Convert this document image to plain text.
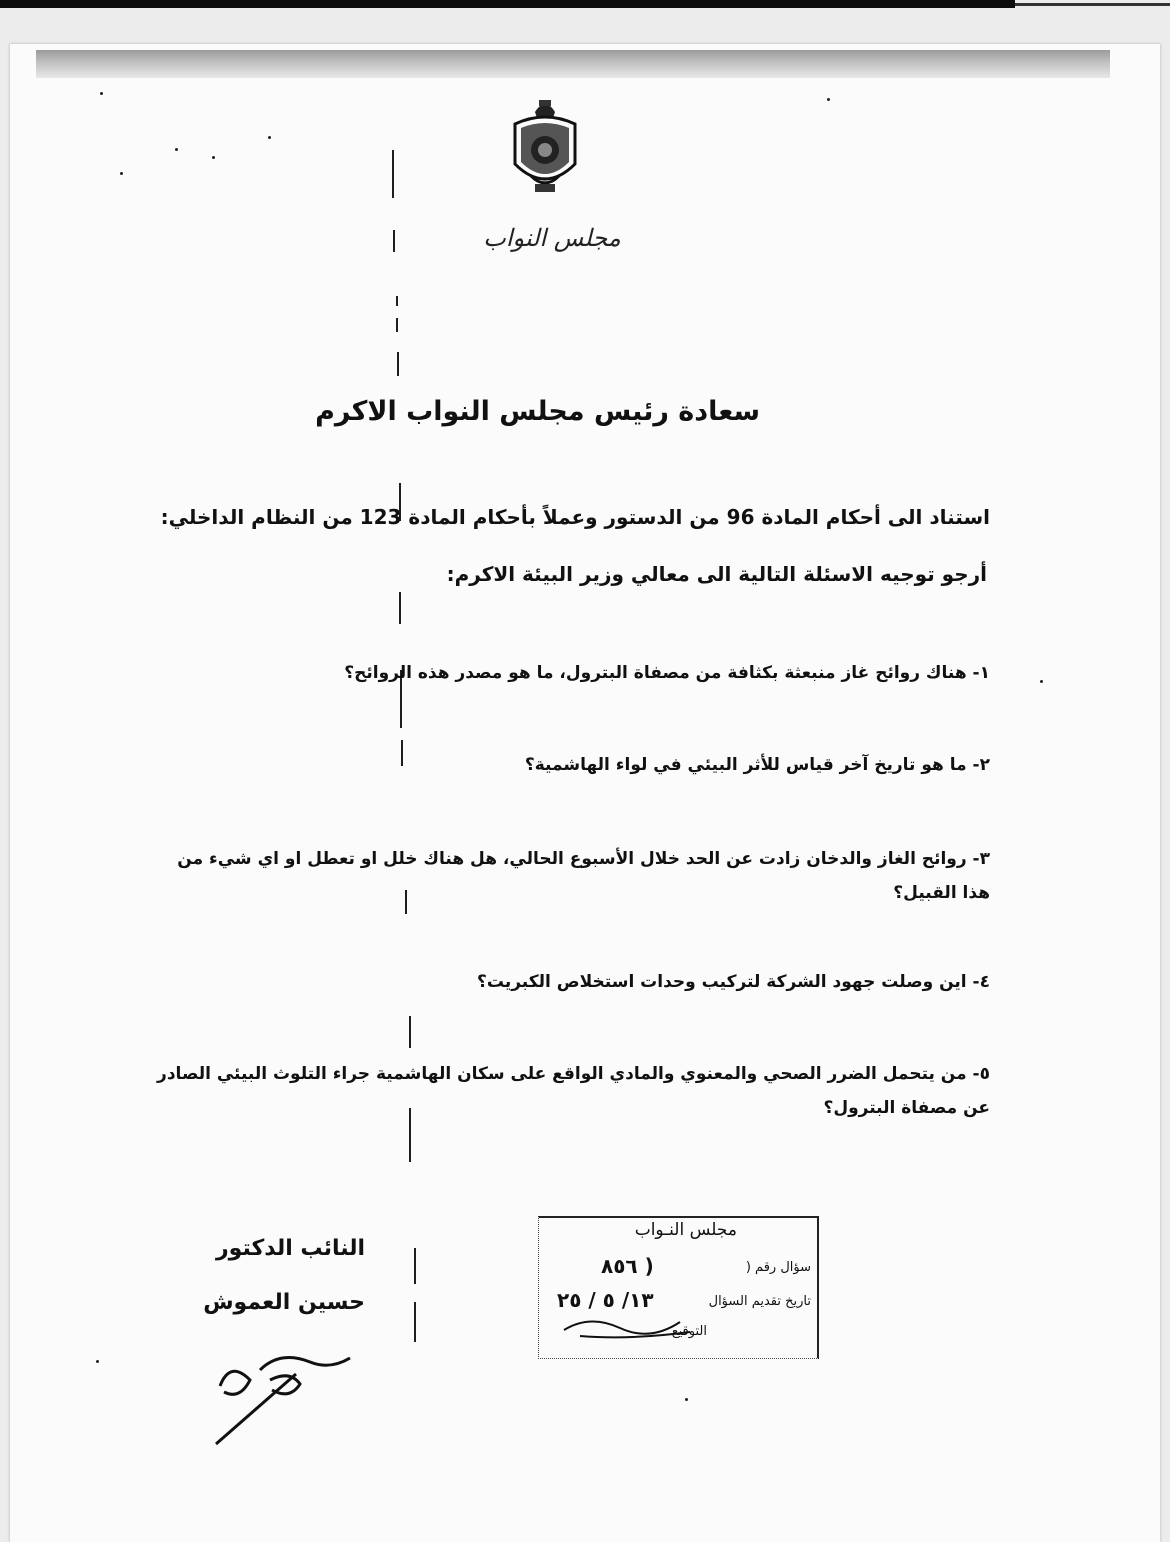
مجلس النواب
سعادة رئيس مجلس النواب الاكرم
استناد الى أحكام المادة 96 من الدستور وعملاً بأحكام المادة 123 من النظام الداخلي:
أرجو توجيه الاسئلة التالية الى معالي وزير البيئة الاكرم:
١- هناك روائح غاز منبعثة بكثافة من مصفاة البترول، ما هو مصدر هذه الروائح؟
٢- ما هو تاريخ آخر قياس للأثر البيئي في لواء الهاشمية؟
٣- روائح الغاز والدخان زادت عن الحد خلال الأسبوع الحالي، هل هناك خلل او تعطل او اي شيء من هذا القبيل؟
٤- اين وصلت جهود الشركة لتركيب وحدات استخلاص الكبريت؟
٥- من يتحمل الضرر الصحي والمعنوي والمادي الواقع على سكان الهاشمية جراء التلوث البيئي الصادر عن مصفاة البترول؟
مجلس النـواب
سؤال رقم (
٨٥٦ )
تاريخ تقديم السؤال
١٣/ ٥ / ٢٥
التوقيع
النائب الدكتور
حسين العموش
